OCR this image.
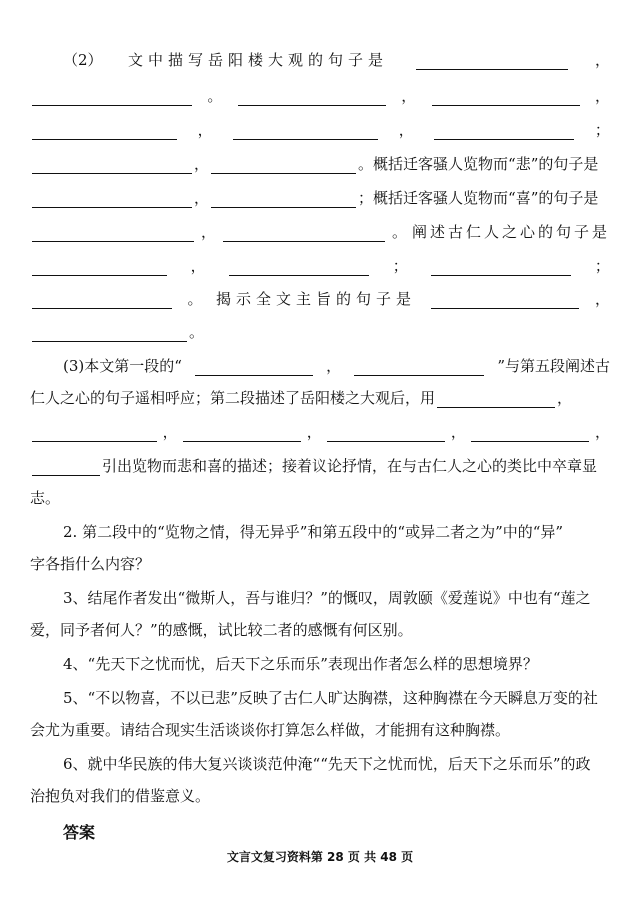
（2） 文中描写岳阳楼大观的句子是	，
。	，	，
，	，	；
，	。 概括迁客骚人览物而“悲”的句子是
，	； 概括迁客骚人览物而“喜”的句子是
，	。 阐述古仁人之心的句子是
，	；	；
。 揭示全文主旨的句子是	，
。
(3)本文第一段的“	，	”与第五段阐述古
仁人之心的句子遥相呼应；第二段描述了岳阳楼之大观后，用	，
，	，	，	，
引出览物而悲和喜的描述；接着议论抒情，在与古仁人之心的类比中卒章显
志。
2. 第二段中的“览物之情，得无异乎”和第五段中的“或异二者之为”中的“异”
字各指什么内容？
3、结尾作者发出“微斯人，吾与谁归？”的慨叹，周敦颐《爱莲说》中也有“莲之
爱，同予者何人？”的感慨，试比较二者的感慨有何区别。
4、“先天下之忧而忧，后天下之乐而乐”表现出作者怎么样的思想境界？
5、“不以物喜，不以已悲”反映了古仁人旷达胸襟，这种胸襟在今天瞬息万变的社
会尤为重要。请结合现实生活谈谈你打算怎么样做，才能拥有这种胸襟。
6、就中华民族的伟大复兴谈谈范仲淹““先天下之忧而忧，后天下之乐而乐”的政
治抱负对我们的借鉴意义。
答案
文言文复习资料第 28 页 共 48 页
